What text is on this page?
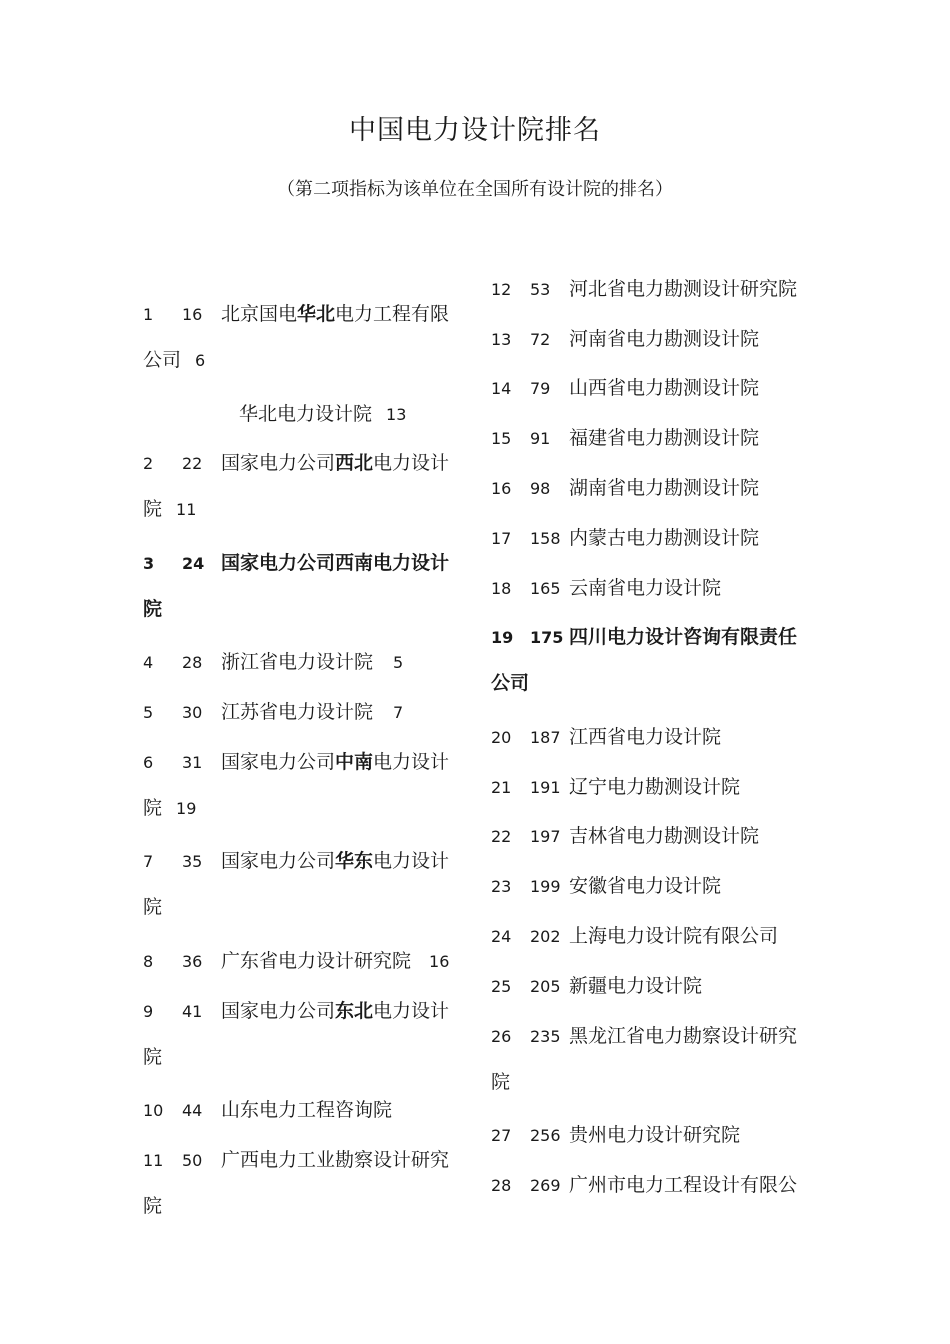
中国电力设计院排名
（第二项指标为该单位在全国所有设计院的排名）
1 16 北京国电华北电力工程有限
公司 6
华北电力设计院 13
2 22 国家电力公司西北电力设计
院 11
3 24 国家电力公司西南电力设计
院
4 28 浙江省电力设计院 5
5 30 江苏省电力设计院 7
6 31 国家电力公司中南电力设计
院 19
7 35 国家电力公司华东电力设计
院
8 36 广东省电力设计研究院 16
9 41 国家电力公司东北电力设计
院
10 44 山东电力工程咨询院
11 50 广西电力工业勘察设计研究
院
12 53 河北省电力勘测设计研究院
13 72 河南省电力勘测设计院
14 79 山西省电力勘测设计院
15 91 福建省电力勘测设计院
16 98 湖南省电力勘测设计院
17 158 内蒙古电力勘测设计院
18 165 云南省电力设计院
19 175 四川电力设计咨询有限责任
公司
20 187 江西省电力设计院
21 191 辽宁电力勘测设计院
22 197 吉林省电力勘测设计院
23 199 安徽省电力设计院
24 202 上海电力设计院有限公司
25 205 新疆电力设计院
26 235 黑龙江省电力勘察设计研究
院
27 256 贵州电力设计研究院
28 269 广州市电力工程设计有限公
